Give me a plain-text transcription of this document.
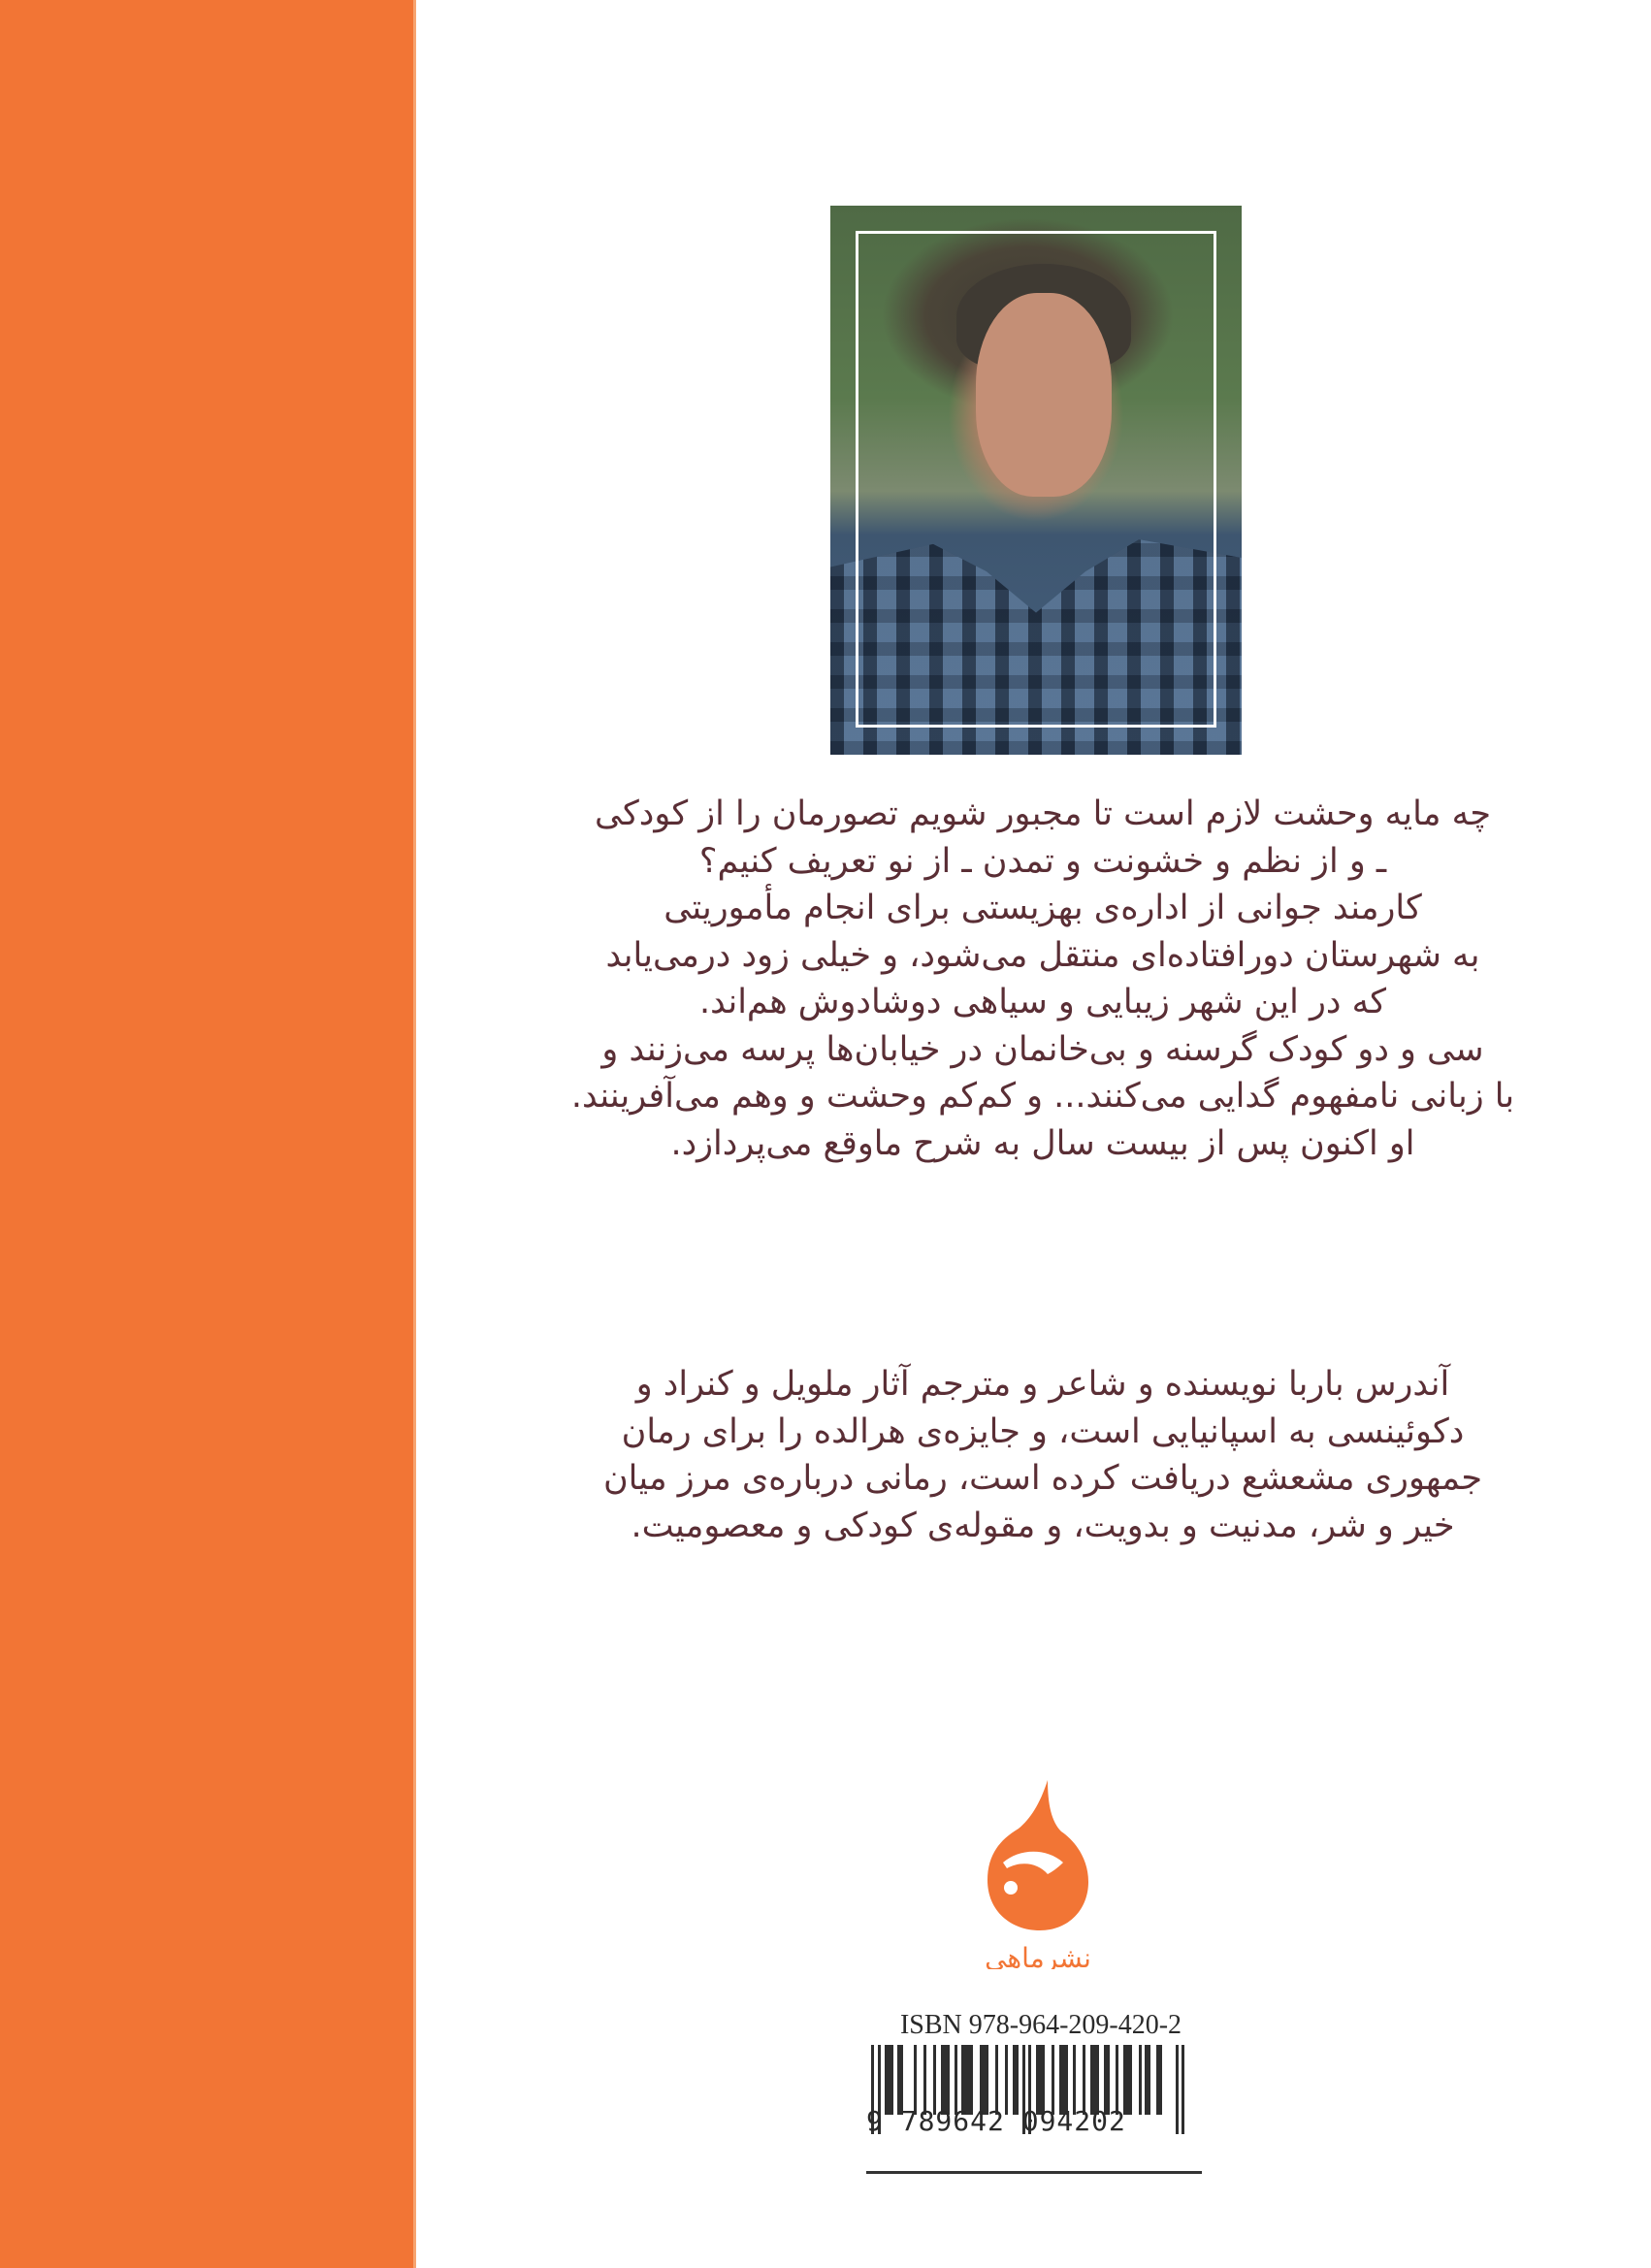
چه مایه وحشت لازم است تا مجبور شویم تصورمان را از کودکی
ـ و از نظم و خشونت و تمدن ـ از نو تعریف کنیم؟
کارمند جوانی از اداره‌ی بهزیستی برای انجام مأموریتی
به شهرستان دورافتاده‌ای منتقل می‌شود، و خیلی زود درمی‌یابد
که در این شهر زیبایی و سیاهی دوشادوش هم‌اند.
سی و دو کودک گرسنه و بی‌خانمان در خیابان‌ها پرسه می‌زنند و
با زبانی نامفهوم گدایی می‌کنند... و کم‌کم وحشت و وهم می‌آفرینند.
او اکنون پس از بیست سال به شرح ماوقع می‌پردازد.
آندرس باربا نویسنده و شاعر و مترجم آثار ملویل و کنراد و
دکوئینسی به اسپانیایی است، و جایزه‌ی هرالده را برای رمان
جمهوری مشعشع دریافت کرده است، رمانی درباره‌ی مرز میان
خیر و شر، مدنیت و بدویت، و مقوله‌ی کودکی و معصومیت.
نشرماهی
ISBN 978-964-209-420-2
9 789642 094202
